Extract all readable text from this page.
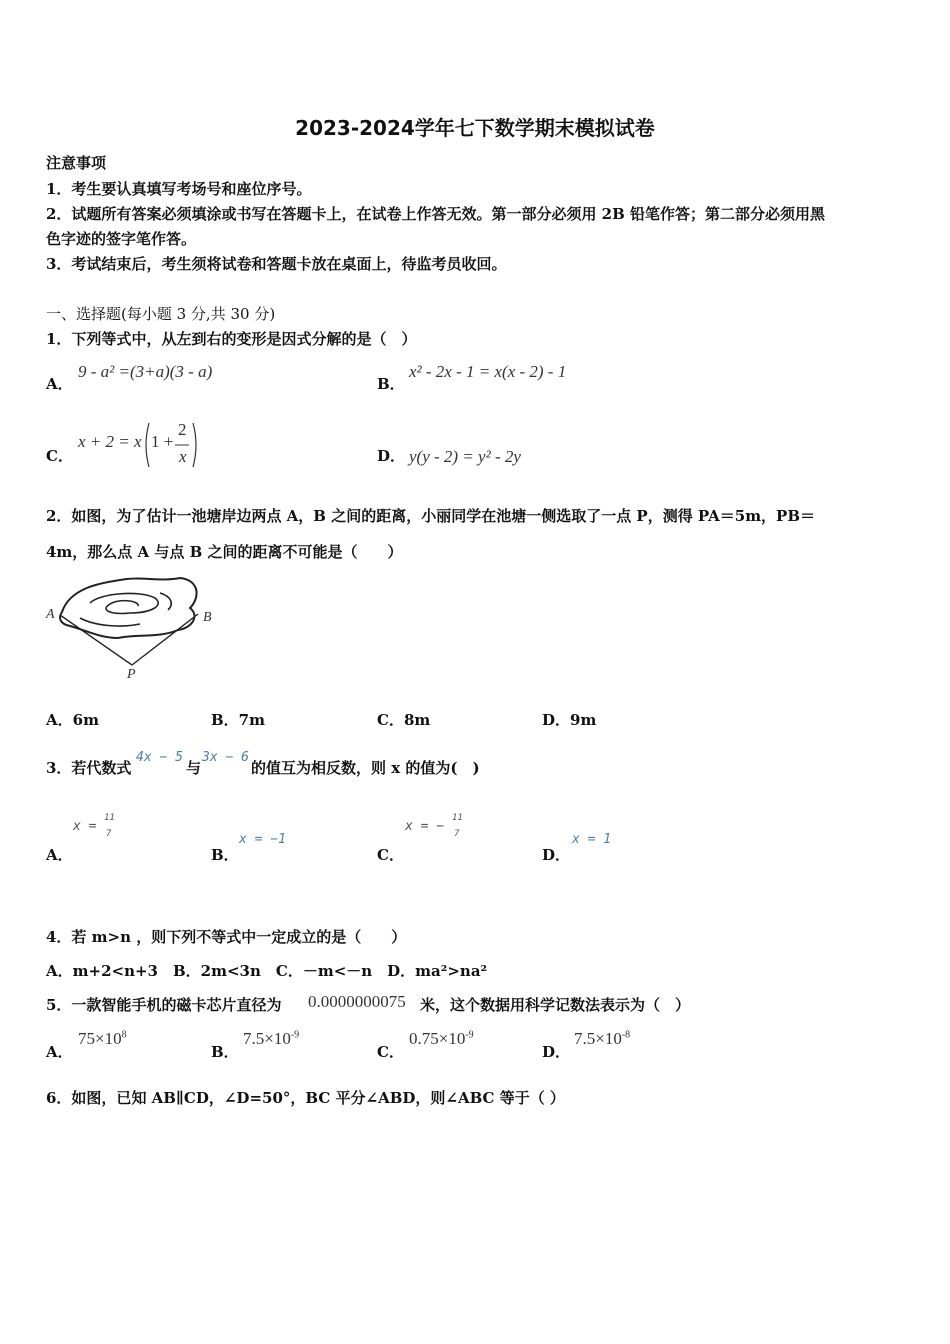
2023-2024学年七下数学期末模拟试卷
注意事项
1．考生要认真填写考场号和座位序号。
2．试题所有答案必须填涂或书写在答题卡上，在试卷上作答无效。第一部分必须用 2B 铅笔作答；第二部分必须用黑
色字迹的签字笔作答。
3．考试结束后，考生须将试卷和答题卡放在桌面上，待监考员收回。
一、选择题(每小题 3 分,共 30 分)
1．下列等式中，从左到右的变形是因式分解的是（　）
A．
9 - a² =(3+a)(3 - a)
B．
x² - 2x - 1 = x(x - 2) - 1
C．
x + 2 = x 1 +
2
x	D． y(y - 2) = y² - 2y
2．如图，为了估计一池塘岸边两点 A，B 之间的距离，小丽同学在池塘一侧选取了一点 P，测得 PA＝5m，PB＝
4m，那么点 A 与点 B 之间的距离不可能是（　　）
A	B
P
A．6m	B．7m	C．8m	D．9m
3．若代数式
4x − 5
与
3x − 6
的值互为相反数，则 x 的值为(　)
A．
x =
11
7
B．
x = −1
C．
x = −
11
7
D．
x = 1
4．若 m>n ，则下列不等式中一定成立的是（　　）
A．m+2<n+3　B．2m<3n　C．－m<－n　D．ma²>na²
5．一款智能手机的磁卡芯片直径为 0.0000000075 米，这个数据用科学记数法表示为（　）
A．
$75\times 10^8$
B．
$7.5\times 10^{-9}$
C．
$0.75\times 10^{-9}$
D．
$7.5\times 10^{-8}$
6．如图，已知 AB∥CD，∠D=50°，BC 平分∠ABD，则∠ABC 等于（ ）
